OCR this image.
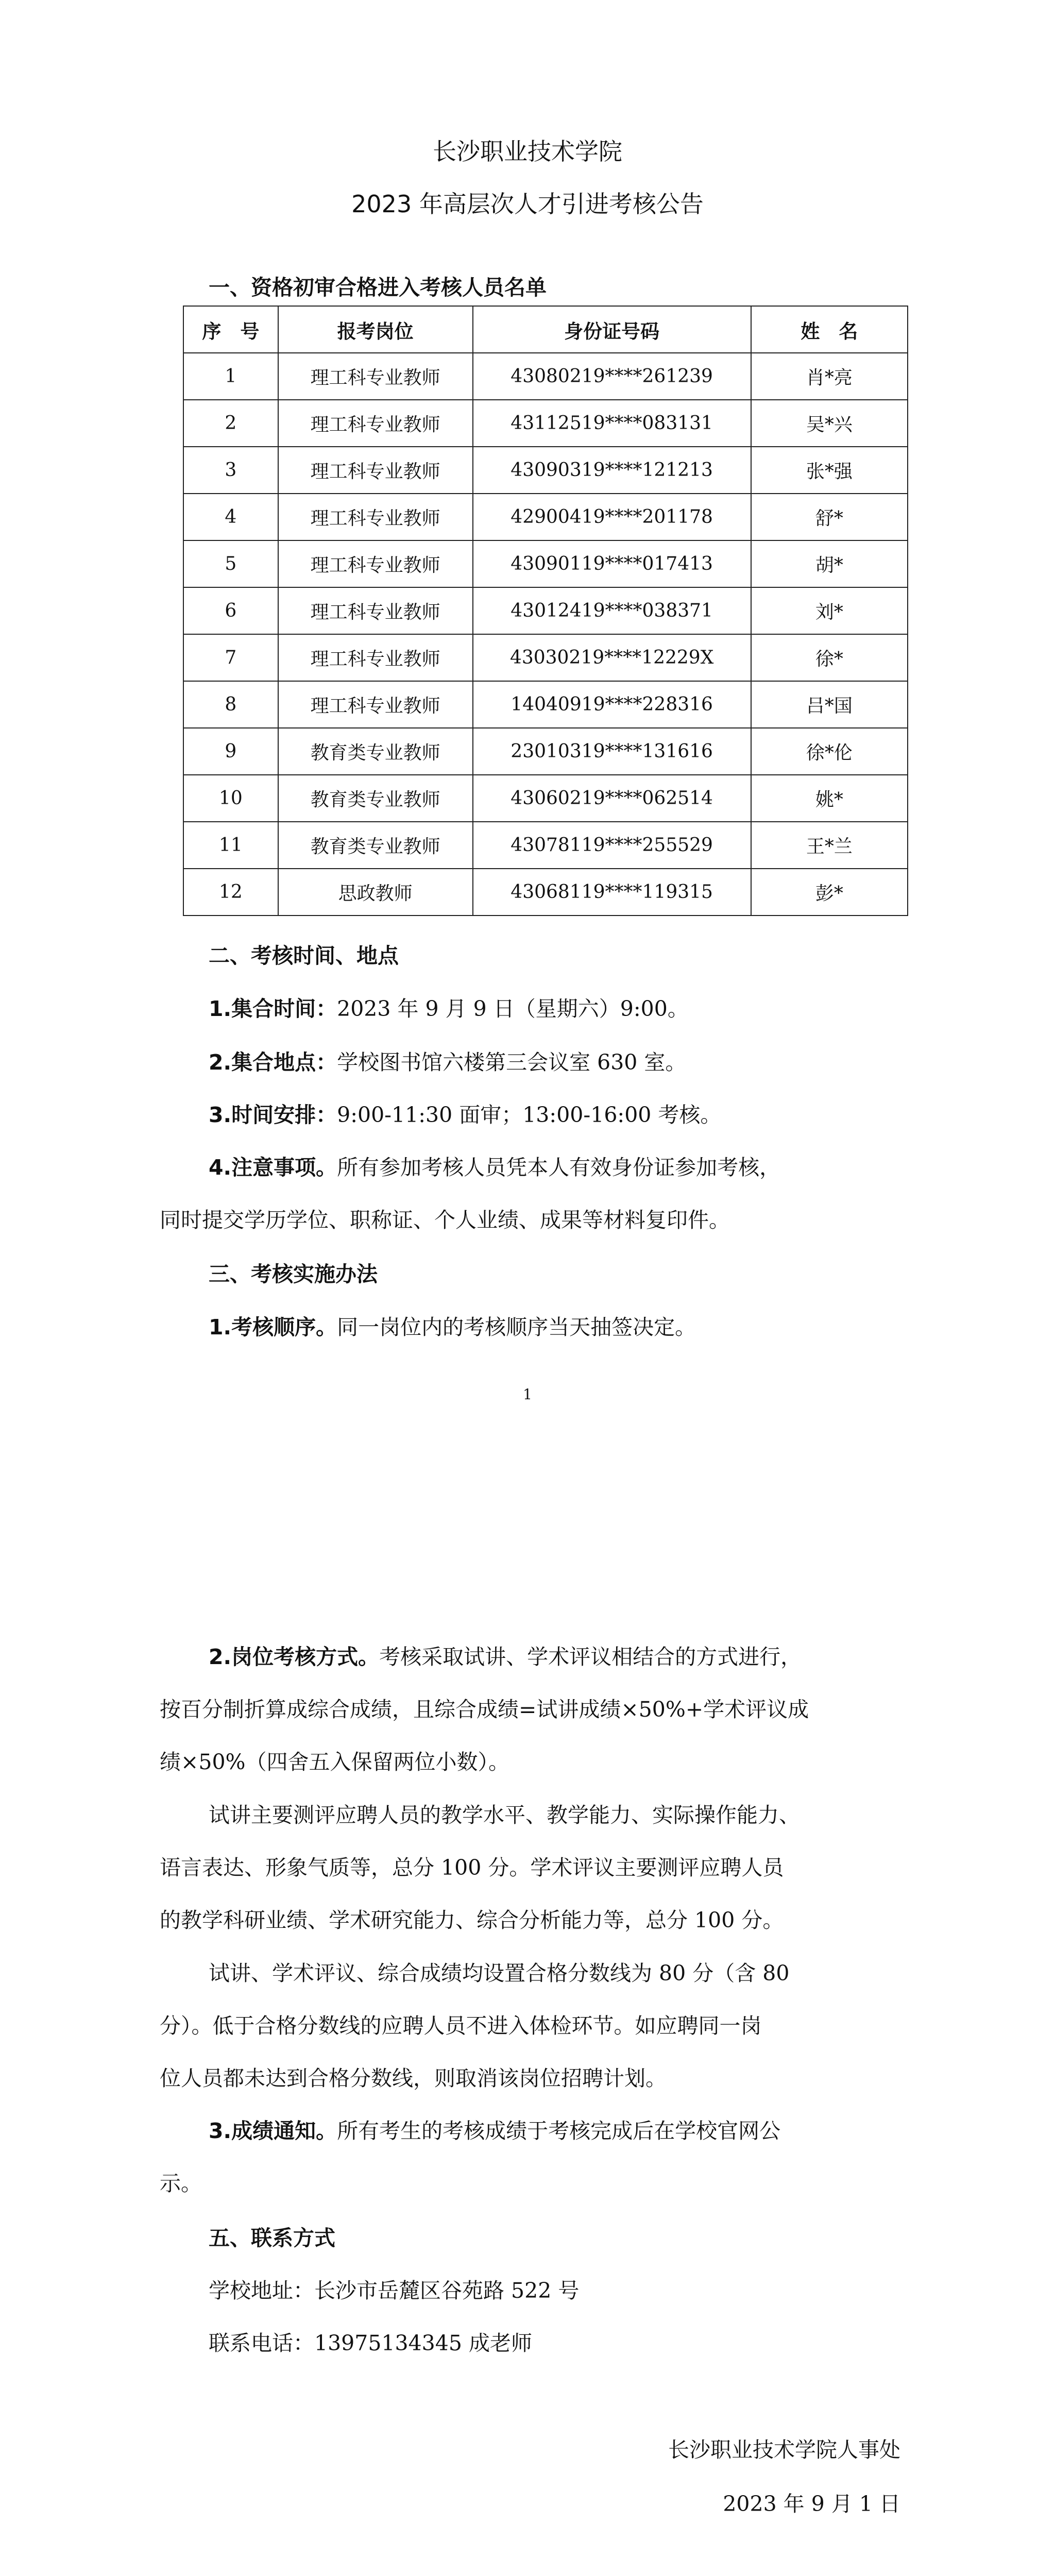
长沙职业技术学院
2023 年高层次人才引进考核公告
一、资格初审合格进入考核人员名单
序　号	报考岗位	身份证号码	姓　名
1	理工科专业教师	43080219****261239	肖*亮
2	理工科专业教师	43112519****083131	吴*兴
3	理工科专业教师	43090319****121213	张*强
4	理工科专业教师	42900419****201178	舒*
5	理工科专业教师	43090119****017413	胡*
6	理工科专业教师	43012419****038371	刘*
7	理工科专业教师	43030219****12229X	徐*
8	理工科专业教师	14040919****228316	吕*国
9	教育类专业教师	23010319****131616	徐*伦
10	教育类专业教师	43060219****062514	姚*
11	教育类专业教师	43078119****255529	王*兰
12	思政教师	43068119****119315	彭*
二、考核时间、地点
1.集合时间：2023 年 9 月 9 日（星期六）9:00。
2.集合地点：学校图书馆六楼第三会议室 630 室。
3.时间安排：9:00-11:30 面审；13:00-16:00 考核。
4.注意事项。所有参加考核人员凭本人有效身份证参加考核，
同时提交学历学位、职称证、个人业绩、成果等材料复印件。
三、考核实施办法
1.考核顺序。同一岗位内的考核顺序当天抽签决定。
1
2.岗位考核方式。考核采取试讲、学术评议相结合的方式进行，
按百分制折算成综合成绩，且综合成绩=试讲成绩×50%+学术评议成
绩×50%（四舍五入保留两位小数）。
试讲主要测评应聘人员的教学水平、教学能力、实际操作能力、
语言表达、形象气质等，总分 100 分。学术评议主要测评应聘人员
的教学科研业绩、学术研究能力、综合分析能力等，总分 100 分。
试讲、学术评议、综合成绩均设置合格分数线为 80 分（含 80
分）。低于合格分数线的应聘人员不进入体检环节。如应聘同一岗
位人员都未达到合格分数线，则取消该岗位招聘计划。
3.成绩通知。所有考生的考核成绩于考核完成后在学校官网公
示。
五、联系方式
学校地址：长沙市岳麓区谷苑路 522 号
联系电话：13975134345 成老师
长沙职业技术学院人事处
2023 年 9 月 1 日
